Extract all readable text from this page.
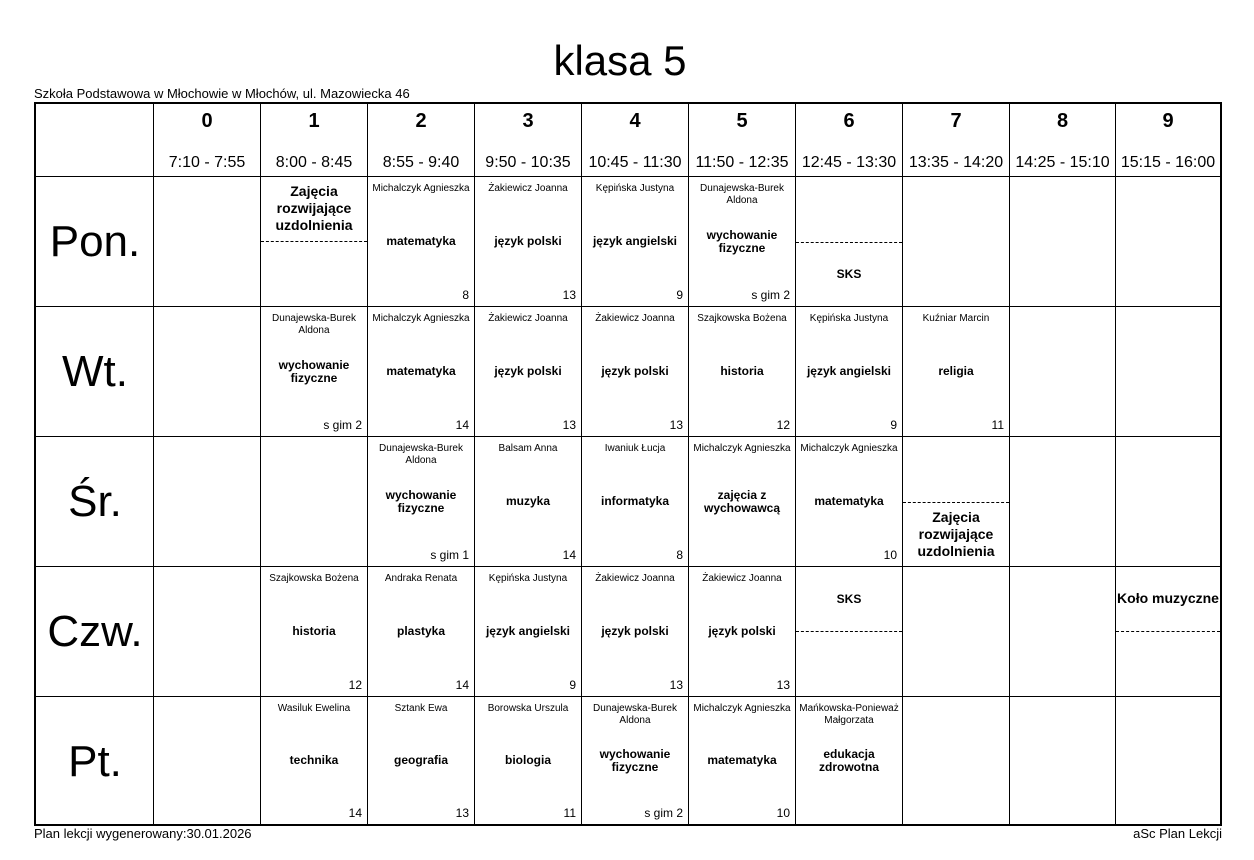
klasa 5
Szkoła Podstawowa w Młochowie w Młochów, ul. Mazowiecka 46
0
7:10 - 7:55
1
8:00 - 8:45
2
8:55 - 9:40
3
9:50 - 10:35
4
10:45 - 11:30
5
11:50 - 12:35
6
12:45 - 13:30
7
13:35 - 14:20
8
14:25 - 15:10
9
15:15 - 16:00
Pon.
Wt.
Śr.
Czw.
Pt.
Zajęcia rozwijające uzdolnienia
Michalczyk Agnieszka
matematyka
8
Żakiewicz Joanna
język polski
13
Kępińska Justyna
język angielski
9
Dunajewska-Burek Aldona
wychowanie fizyczne
s gim 2
SKS
Dunajewska-Burek Aldona
wychowanie fizyczne
s gim 2
Michalczyk Agnieszka
matematyka
14
Żakiewicz Joanna
język polski
13
Żakiewicz Joanna
język polski
13
Szajkowska Bożena
historia
12
Kępińska Justyna
język angielski
9
Kuźniar Marcin
religia
11
Dunajewska-Burek Aldona
wychowanie fizyczne
s gim 1
Balsam Anna
muzyka
14
Iwaniuk Łucja
informatyka
8
Michalczyk Agnieszka
zajęcia z wychowawcą
Michalczyk Agnieszka
matematyka
10
Zajęcia rozwijające uzdolnienia
Szajkowska Bożena
historia
12
Andraka Renata
plastyka
14
Kępińska Justyna
język angielski
9
Żakiewicz Joanna
język polski
13
Żakiewicz Joanna
język polski
13
SKS	Koło muzyczne
Wasiluk Ewelina
technika
14
Sztank Ewa
geografia
13
Borowska Urszula
biologia
11
Dunajewska-Burek Aldona
wychowanie fizyczne
s gim 2
Michalczyk Agnieszka
matematyka
10
Mańkowska-Ponieważ Małgorzata
edukacja zdrowotna
Plan lekcji wygenerowany:30.01.2026	aSc Plan Lekcji
